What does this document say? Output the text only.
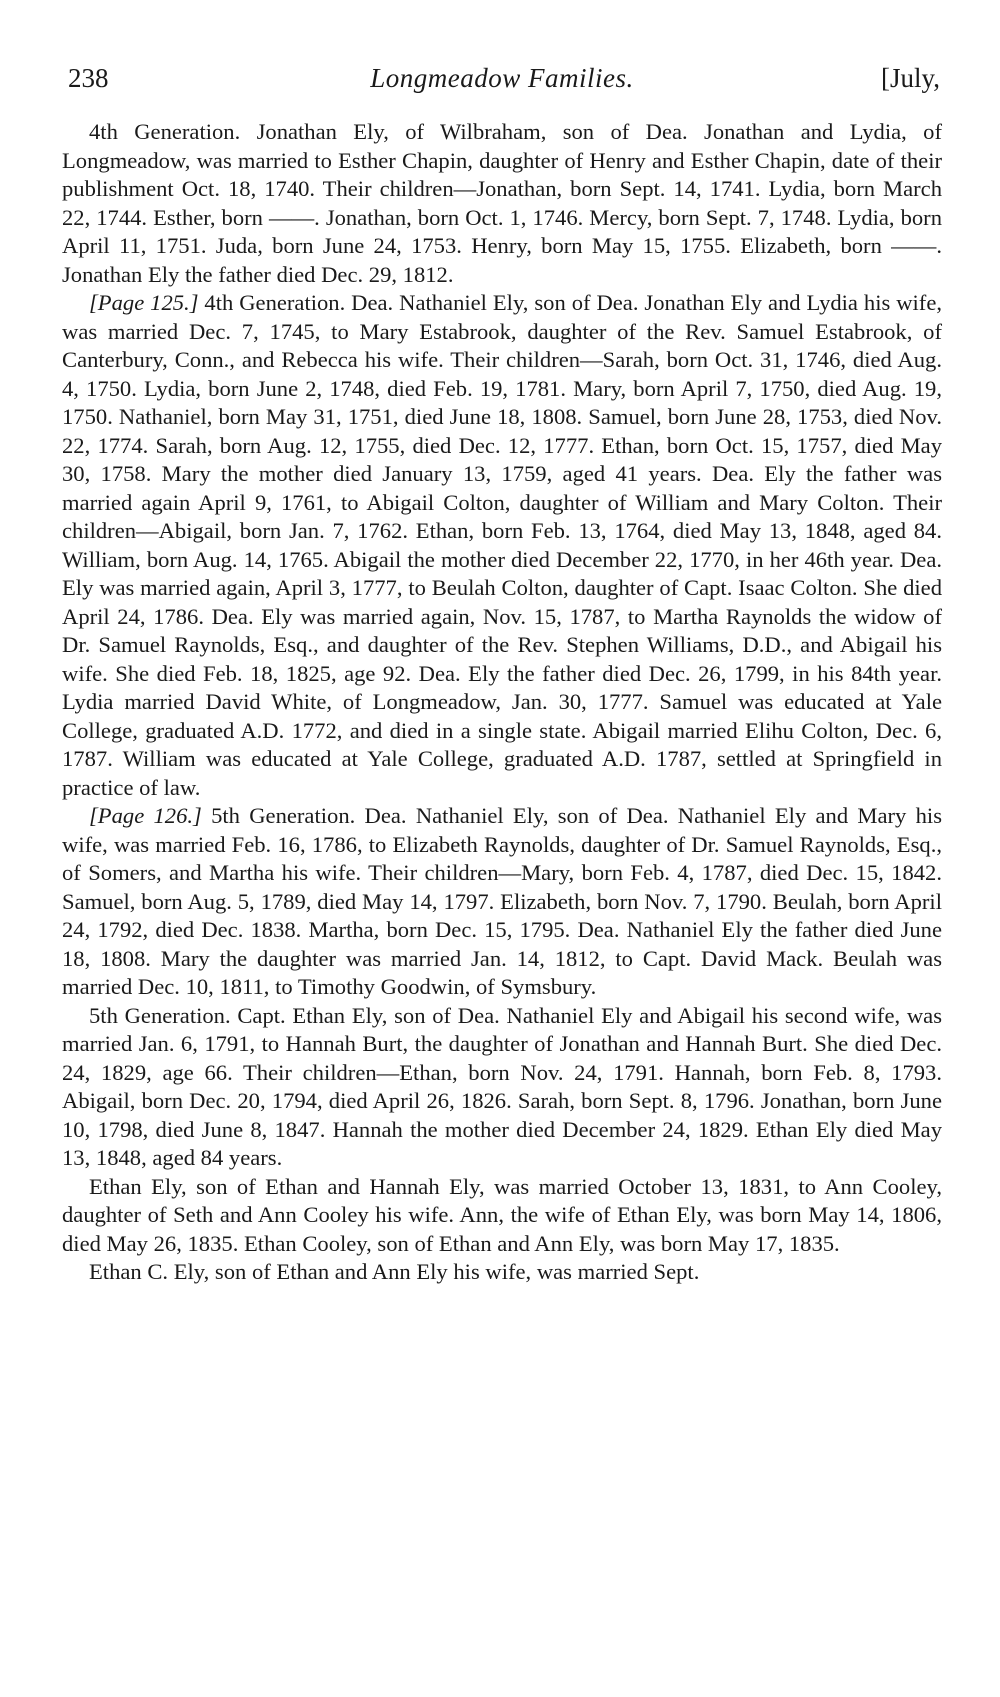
238	Longmeadow Families.	[July,

4th Generation. Jonathan Ely, of Wilbraham, son of Dea. Jonathan and Lydia, of Longmeadow, was married to Esther Chapin, daughter of Henry and Esther Chapin, date of their publishment Oct. 18, 1740. Their children—Jonathan, born Sept. 14, 1741. Lydia, born March 22, 1744. Esther, born ——. Jonathan, born Oct. 1, 1746. Mercy, born Sept. 7, 1748. Lydia, born April 11, 1751. Juda, born June 24, 1753. Henry, born May 15, 1755. Elizabeth, born ——. Jonathan Ely the father died Dec. 29, 1812.

[Page 125.] 4th Generation. Dea. Nathaniel Ely, son of Dea. Jonathan Ely and Lydia his wife, was married Dec. 7, 1745, to Mary Estabrook, daughter of the Rev. Samuel Estabrook, of Canterbury, Conn., and Rebecca his wife. Their children—Sarah, born Oct. 31, 1746, died Aug. 4, 1750. Lydia, born June 2, 1748, died Feb. 19, 1781. Mary, born April 7, 1750, died Aug. 19, 1750. Nathaniel, born May 31, 1751, died June 18, 1808. Samuel, born June 28, 1753, died Nov. 22, 1774. Sarah, born Aug. 12, 1755, died Dec. 12, 1777. Ethan, born Oct. 15, 1757, died May 30, 1758. Mary the mother died January 13, 1759, aged 41 years. Dea. Ely the father was married again April 9, 1761, to Abigail Colton, daughter of William and Mary Colton. Their children—Abigail, born Jan. 7, 1762. Ethan, born Feb. 13, 1764, died May 13, 1848, aged 84. William, born Aug. 14, 1765. Abigail the mother died December 22, 1770, in her 46th year. Dea. Ely was married again, April 3, 1777, to Beulah Colton, daughter of Capt. Isaac Colton. She died April 24, 1786. Dea. Ely was married again, Nov. 15, 1787, to Martha Raynolds the widow of Dr. Samuel Raynolds, Esq., and daughter of the Rev. Stephen Williams, D.D., and Abigail his wife. She died Feb. 18, 1825, age 92. Dea. Ely the father died Dec. 26, 1799, in his 84th year. Lydia married David White, of Longmeadow, Jan. 30, 1777. Samuel was educated at Yale College, graduated A.D. 1772, and died in a single state. Abigail married Elihu Colton, Dec. 6, 1787. William was educated at Yale College, graduated A.D. 1787, settled at Springfield in practice of law.

[Page 126.] 5th Generation. Dea. Nathaniel Ely, son of Dea. Nathaniel Ely and Mary his wife, was married Feb. 16, 1786, to Elizabeth Raynolds, daughter of Dr. Samuel Raynolds, Esq., of Somers, and Martha his wife. Their children—Mary, born Feb. 4, 1787, died Dec. 15, 1842. Samuel, born Aug. 5, 1789, died May 14, 1797. Elizabeth, born Nov. 7, 1790. Beulah, born April 24, 1792, died Dec. 1838. Martha, born Dec. 15, 1795. Dea. Nathaniel Ely the father died June 18, 1808. Mary the daughter was married Jan. 14, 1812, to Capt. David Mack. Beulah was married Dec. 10, 1811, to Timothy Goodwin, of Symsbury.

5th Generation. Capt. Ethan Ely, son of Dea. Nathaniel Ely and Abigail his second wife, was married Jan. 6, 1791, to Hannah Burt, the daughter of Jonathan and Hannah Burt. She died Dec. 24, 1829, age 66. Their children—Ethan, born Nov. 24, 1791. Hannah, born Feb. 8, 1793. Abigail, born Dec. 20, 1794, died April 26, 1826. Sarah, born Sept. 8, 1796. Jonathan, born June 10, 1798, died June 8, 1847. Hannah the mother died December 24, 1829. Ethan Ely died May 13, 1848, aged 84 years.

Ethan Ely, son of Ethan and Hannah Ely, was married October 13, 1831, to Ann Cooley, daughter of Seth and Ann Cooley his wife. Ann, the wife of Ethan Ely, was born May 14, 1806, died May 26, 1835. Ethan Cooley, son of Ethan and Ann Ely, was born May 17, 1835.

Ethan C. Ely, son of Ethan and Ann Ely his wife, was married Sept.
